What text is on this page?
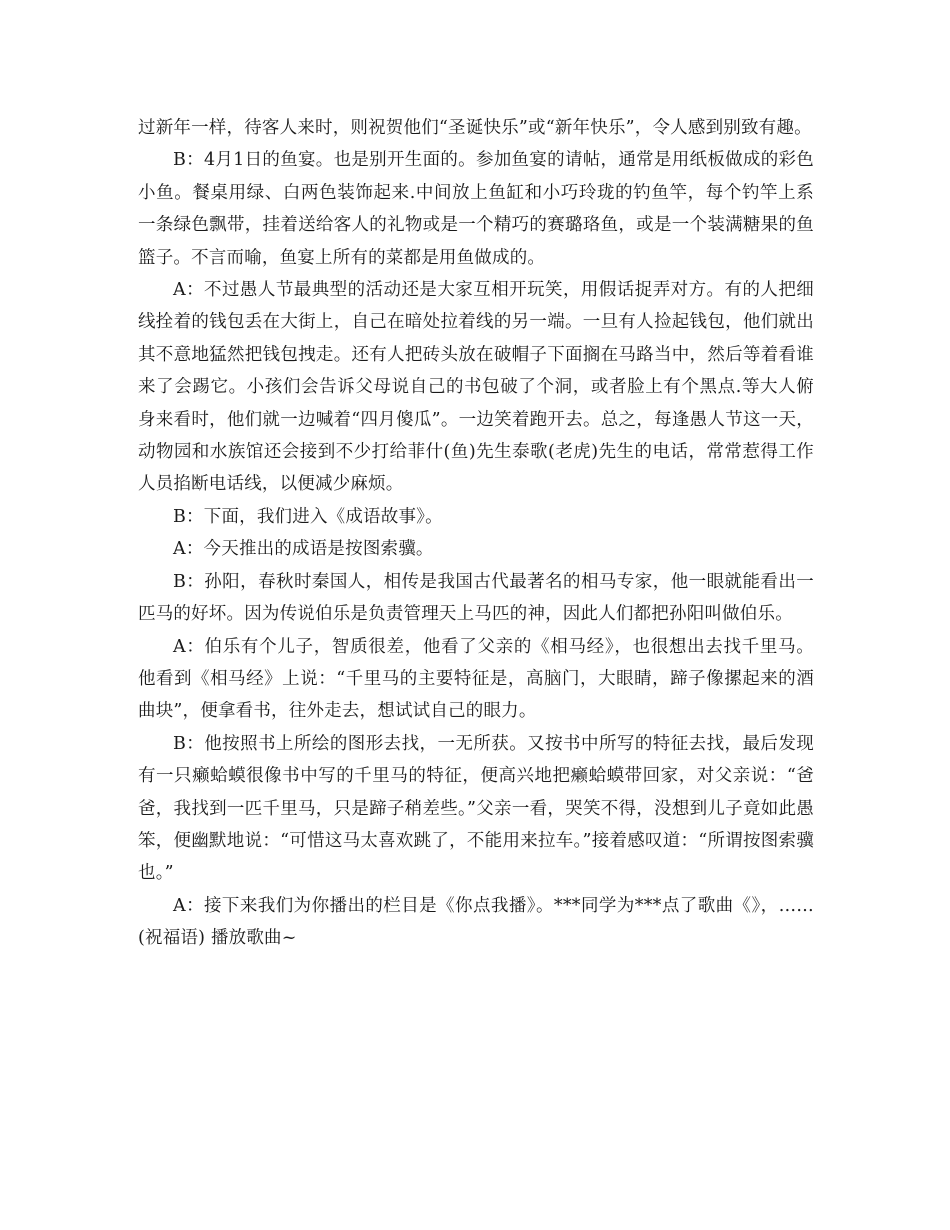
过新年一样，待客人来时，则祝贺他们“圣诞快乐”或“新年快乐”，令人感到别致有趣。

B：4月1日的鱼宴。也是别开生面的。参加鱼宴的请帖，通常是用纸板做成的彩色小鱼。餐桌用绿、白两色装饰起来.中间放上鱼缸和小巧玲珑的钓鱼竿，每个钓竿上系一条绿色飘带，挂着送给客人的礼物或是一个精巧的赛璐珞鱼，或是一个装满糖果的鱼篮子。不言而喻，鱼宴上所有的菜都是用鱼做成的。

A：不过愚人节最典型的活动还是大家互相开玩笑，用假话捉弄对方。有的人把细线拴着的钱包丢在大街上，自己在暗处拉着线的另一端。一旦有人捡起钱包，他们就出其不意地猛然把钱包拽走。还有人把砖头放在破帽子下面搁在马路当中，然后等着看谁来了会踢它。小孩们会告诉父母说自己的书包破了个洞，或者脸上有个黑点.等大人俯身来看时，他们就一边喊着“四月傻瓜”。一边笑着跑开去。总之，每逢愚人节这一天，动物园和水族馆还会接到不少打给菲什(鱼)先生泰歌(老虎)先生的电话，常常惹得工作人员掐断电话线，以便减少麻烦。

B：下面，我们进入《成语故事》。

A：今天推出的成语是按图索骥。

B：孙阳，春秋时秦国人，相传是我国古代最著名的相马专家，他一眼就能看出一匹马的好坏。因为传说伯乐是负责管理天上马匹的神，因此人们都把孙阳叫做伯乐。

A：伯乐有个儿子，智质很差，他看了父亲的《相马经》，也很想出去找千里马。他看到《相马经》上说：“千里马的主要特征是，高脑门，大眼睛，蹄子像摞起来的酒曲块”，便拿看书，往外走去，想试试自己的眼力。

B：他按照书上所绘的图形去找，一无所获。又按书中所写的特征去找，最后发现有一只癞蛤蟆很像书中写的千里马的特征，便高兴地把癞蛤蟆带回家，对父亲说：“爸爸，我找到一匹千里马，只是蹄子稍差些。”父亲一看，哭笑不得，没想到儿子竟如此愚笨，便幽默地说：“可惜这马太喜欢跳了，不能用来拉车。”接着感叹道：“所谓按图索骥也。”

A：接下来我们为你播出的栏目是《你点我播》。***同学为***点了歌曲《》，……(祝福语) 播放歌曲~
